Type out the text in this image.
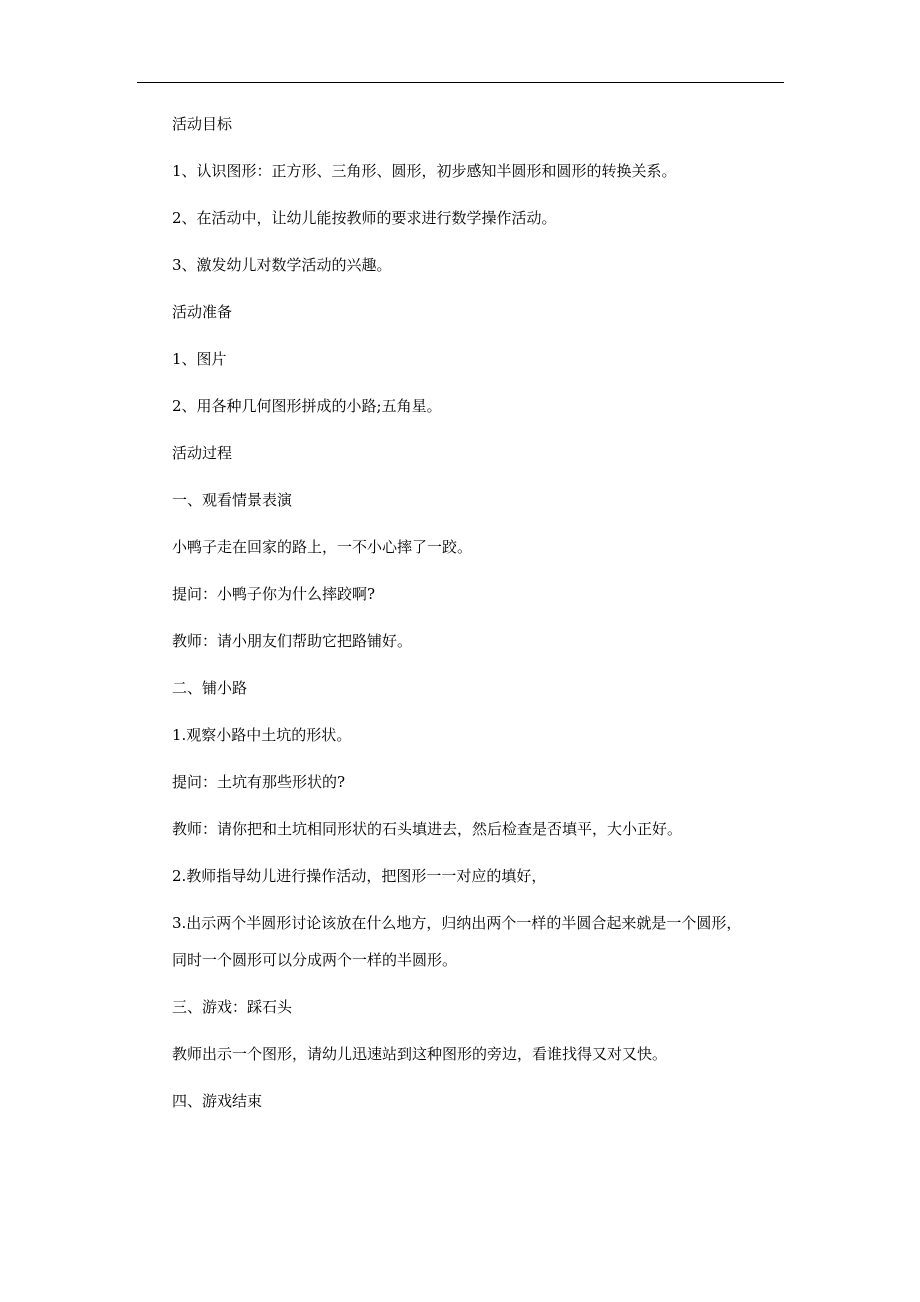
活动目标
1、认识图形：正方形、三角形、圆形，初步感知半圆形和圆形的转换关系。
2、在活动中，让幼儿能按教师的要求进行数学操作活动。
3、激发幼儿对数学活动的兴趣。
活动准备
1、图片
2、用各种几何图形拼成的小路;五角星。
活动过程
一、观看情景表演
小鸭子走在回家的路上，一不小心摔了一跤。
提问：小鸭子你为什么摔跤啊?
教师：请小朋友们帮助它把路铺好。
二、铺小路
1.观察小路中土坑的形状。
提问：土坑有那些形状的?
教师：请你把和土坑相同形状的石头填进去，然后检查是否填平，大小正好。
2.教师指导幼儿进行操作活动，把图形一一对应的填好，
3.出示两个半圆形讨论该放在什么地方，归纳出两个一样的半圆合起来就是一个圆形，
同时一个圆形可以分成两个一样的半圆形。
三、游戏：踩石头
教师出示一个图形，请幼儿迅速站到这种图形的旁边，看谁找得又对又快。
四、游戏结束
